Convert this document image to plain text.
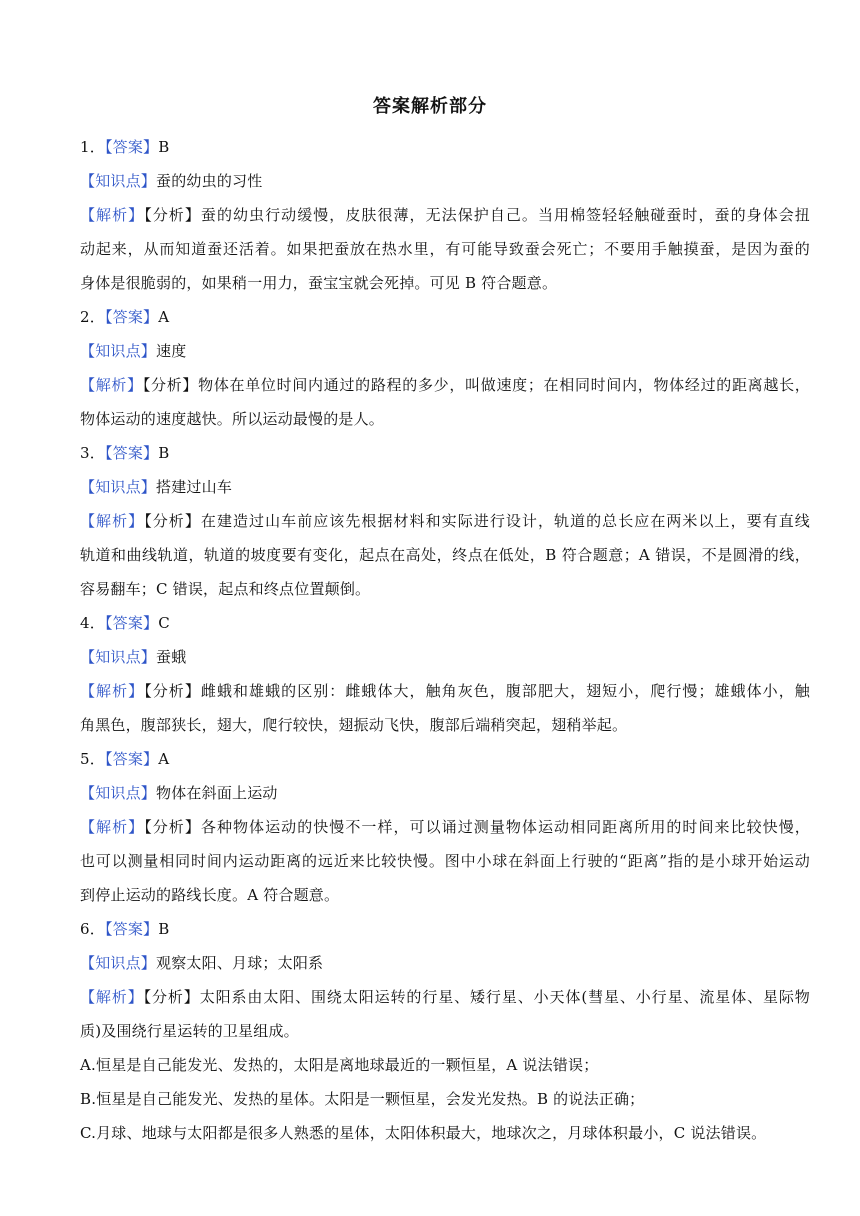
答案解析部分
1．【答案】B
【知识点】蚕的幼虫的习性
【解析】【分析】蚕的幼虫行动缓慢，皮肤很薄，无法保护自己。当用棉签轻轻触碰蚕时，蚕的身体会扭
动起来，从而知道蚕还活着。如果把蚕放在热水里，有可能导致蚕会死亡；不要用手触摸蚕，是因为蚕的
身体是很脆弱的，如果稍一用力，蚕宝宝就会死掉。可见 B 符合题意。
2．【答案】A
【知识点】速度
【解析】【分析】物体在单位时间内通过的路程的多少，叫做速度；在相同时间内，物体经过的距离越长，
物体运动的速度越快。所以运动最慢的是人。
3．【答案】B
【知识点】搭建过山车
【解析】【分析】在建造过山车前应该先根据材料和实际进行设计，轨道的总长应在两米以上，要有直线
轨道和曲线轨道，轨道的坡度要有变化，起点在高处，终点在低处，B 符合题意；A 错误，不是圆滑的线，
容易翻车；C 错误，起点和终点位置颠倒。
4．【答案】C
【知识点】蚕蛾
【解析】【分析】雌蛾和雄蛾的区别：雌蛾体大，触角灰色，腹部肥大，翅短小，爬行慢；雄蛾体小，触
角黑色，腹部狭长，翅大，爬行较快，翅振动飞快，腹部后端稍突起，翅稍举起。
5．【答案】A
【知识点】物体在斜面上运动
【解析】【分析】各种物体运动的快慢不一样，可以诵过测量物体运动相同距离所用的时间来比较快慢，
也可以测量相同时间内运动距离的远近来比较快慢。图中小球在斜面上行驶的“距离”指的是小球开始运动
到停止运动的路线长度。A 符合题意。
6．【答案】B
【知识点】观察太阳、月球；太阳系
【解析】【分析】太阳系由太阳、围绕太阳运转的行星、矮行星、小天体(彗星、小行星、流星体、星际物
质)及围绕行星运转的卫星组成。
A.恒星是自己能发光、发热的，太阳是离地球最近的一颗恒星，A 说法错误；
B.恒星是自己能发光、发热的星体。太阳是一颗恒星，会发光发热。B 的说法正确；
C.月球、地球与太阳都是很多人熟悉的星体，太阳体积最大，地球次之，月球体积最小，C 说法错误。
